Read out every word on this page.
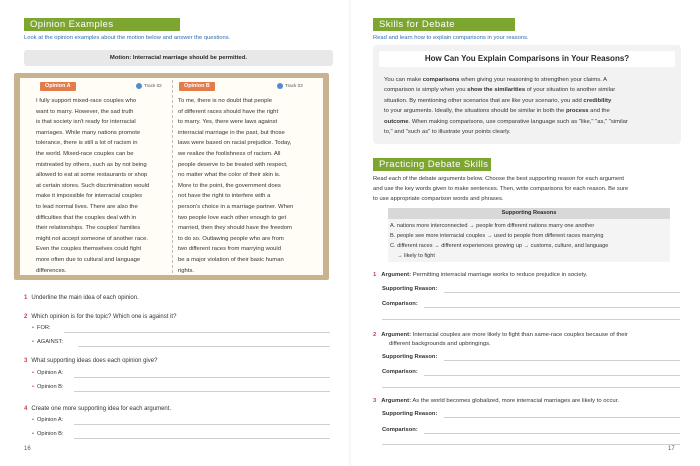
Opinion Examples
Look at the opinion examples about the motion below and answer the questions.
Motion: Interracial marriage should be permitted.
Opinion A	Track 02	Opinion B	Track 03
I fully support mixed-race couples who
want to marry. However, the sad truth
is that society isn't ready for interracial
marriages. While many nations promote
tolerance, there is still a lot of racism in
the world. Mixed-race couples can be
mistreated by others, such as by not being
allowed to eat at some restaurants or shop
at certain stores. Such discrimination would
make it impossible for interracial couples
to lead normal lives. There are also the
difficulties that the couples deal with in
their relationships. The couples' families
might not accept someone of another race.
Even the couples themselves could fight
more often due to cultural and language
differences.
To me, there is no doubt that people
of different races should have the right
to marry. Yes, there were laws against
interracial marriage in the past, but those
laws were based on racial prejudice. Today,
we realize the foolishness of racism. All
people deserve to be treated with respect,
no matter what the color of their skin is.
More to the point, the government does
not have the right to interfere with a
person's choice in a marriage partner. When
two people love each other enough to get
married, then they should have the freedom
to do so. Outlawing people who are from
two different races from marrying would
be a major violation of their basic human
rights.
1 Underline the main idea of each opinion.
2 Which opinion is for the topic? Which one is against it?
• FOR:
• AGAINST:
3 What supporting ideas does each opinion give?
• Opinion A:
• Opinion B:
4 Create one more supporting idea for each argument.
• Opinion A:
• Opinion B:
16
Skills for Debate
Read and learn how to explain comparisons in your reasons.
How Can You Explain Comparisons in Your Reasons?
You can make comparisons when giving your reasoning to strengthen your claims. A
comparison is simply when you show the similarities of your situation to another similar
situation. By mentioning other scenarios that are like your scenario, you add credibility
to your arguments. Ideally, the situations should be similar in both the process and the
outcome. When making comparisons, use comparative language such as "like," "as," "similar
to," and "such as" to illustrate your points clearly.
Practicing Debate Skills
Read each of the debate arguments below. Choose the best supporting reason for each argument
and use the key words given to make sentences. Then, write comparisons for each reason. Be sure
to use appropriate comparison words and phrases.
Supporting Reasons
A. nations more interconnected → people from different nations marry one another
B. people see more interracial couples → used to people from different races marrying
C. different races → different experiences growing up → customs, culture, and language
→ likely to fight
1 Argument: Permitting interracial marriage works to reduce prejudice in society.
Supporting Reason:
Comparison:
2 Argument: Interracial couples are more likely to fight than same-race couples because of their
different backgrounds and upbringings.
Supporting Reason:
Comparison:
3 Argument: As the world becomes globalized, more interracial marriages are likely to occur.
Supporting Reason:
Comparison:
17
